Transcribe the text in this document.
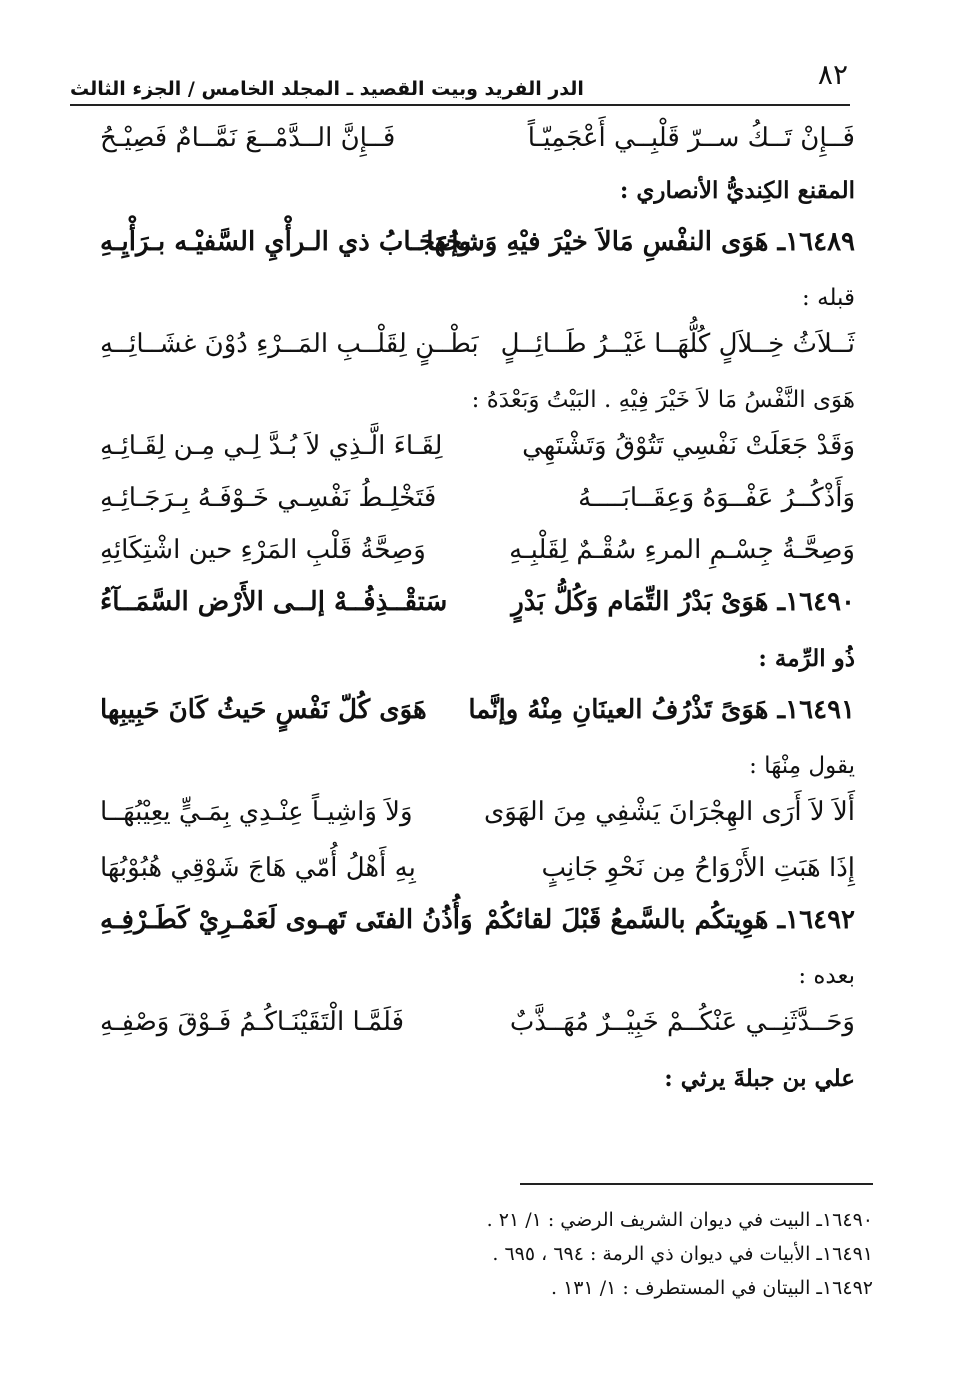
٨٢
الدر الفريد وبيت القصيد ـ المجلد الخامس / الجزء الثالث
فَــإِنْ تَــكُ ســرّ قَلْبِــي أَعْجَمِيّـاً
فَــإِنَّ الــدَّمْــعَ نَمَّــامٌ فَصِيْـحُ
المقنع الكِنديُّ الأنصاري :
١٦٤٨٩ـ هَوَى النفْسِ مَالاَ خيْرَ فيْهِ وَشحُهَا
وإعجَـابُ ذي الـرأْيِ السَّفيْـه بـرَأْيِـهِ
قبله :
ثَــلاَثُ خِــلاَلٍ كُلُّهَــا غَيْــرُ طَــائِــلٍ
بَطْــنٍ لِقَلْــبِ المَــرْءِ دُوْنَ غشَــائِــهِ
هَوَى النَّفْسُ مَا لاَ خَيْرَ فِيْهِ . البَيْتُ وَبَعْدَهُ :
وَقَدْ جَعَلَتْ نَفْسِي تَتُوْقُ وَتَشْتَهِي
لِقَـاءَ الَّـذِي لاَ بُـدَّ لِـي مِـن لِقَـائِـهِ
وَأَذْكُــرُ عَفْــوَهُ وَعِقَــابَــــهُ
فَتَخْلِـطُ نَفْسِـي خَـوْفَـهُ بِـرَجَـائِـهِ
وَصِحَّـةُ جِسْـمِ المرءِ سُقْـمٌ لِقَلْبِـهِ
وَصِحَّةُ قَلْبِ المَرْءِ حين اشْتِكَائِهِ
١٦٤٩٠ـ هَوَىْ بَدْرُ التِّمَام وَكُلُّ بَدْرٍ
سَتقْــذِفُــهْ إلــى الأَرْض السَّمَــآءُ
ذُو الرِّمة :
١٦٤٩١ـ هَوَىً تَذْرُفُ العينَانِ مِنْهُ وإنَّما
هَوَى كُلّ نَفْسٍ حَيثُ كَانَ حَبِيبِها
يقول مِنْهَا :
أَلاَ لاَ أَرَى الهِجْرَانَ يَشْفِي مِنَ الهَوَى
وَلاَ وَاشِيـاً عِنْـدِي بِمَـيٍّ يعِيْبُهَــا
إِذَا هَبَتِ الأَرْوَاحُ مِن نَحْوِ جَانِبٍ
بِهِ أَهْلُ أُمّي هَاجَ شَوْقِي هُبُوْبُهَا
١٦٤٩٢ـ هَوِيتكُم بالسَّمعُ قَبْلَ لقائكُمْ
وَأُذُنُ الفتَى تَهـوى لَعَمْـرِيْ كَطَـرْفِـهِ
بعده :
وَحَــدَّثَنِــي عَنْكُــمْ خَبِيْــرٌ مُهَــذَّبٌ
فَلَمَّـا الْتَقَيْنَـاكُـمُ فَـوْقَ وَصْفِـهِ
علي بن جبلةَ يرثي :
١٦٤٩٠ـ البيت في ديوان الشريف الرضي : ١/ ٢١ .
١٦٤٩١ـ الأبيات في ديوان ذي الرمة : ٦٩٤ ، ٦٩٥ .
١٦٤٩٢ـ البيتان في المستطرف : ١/ ١٣١ .
